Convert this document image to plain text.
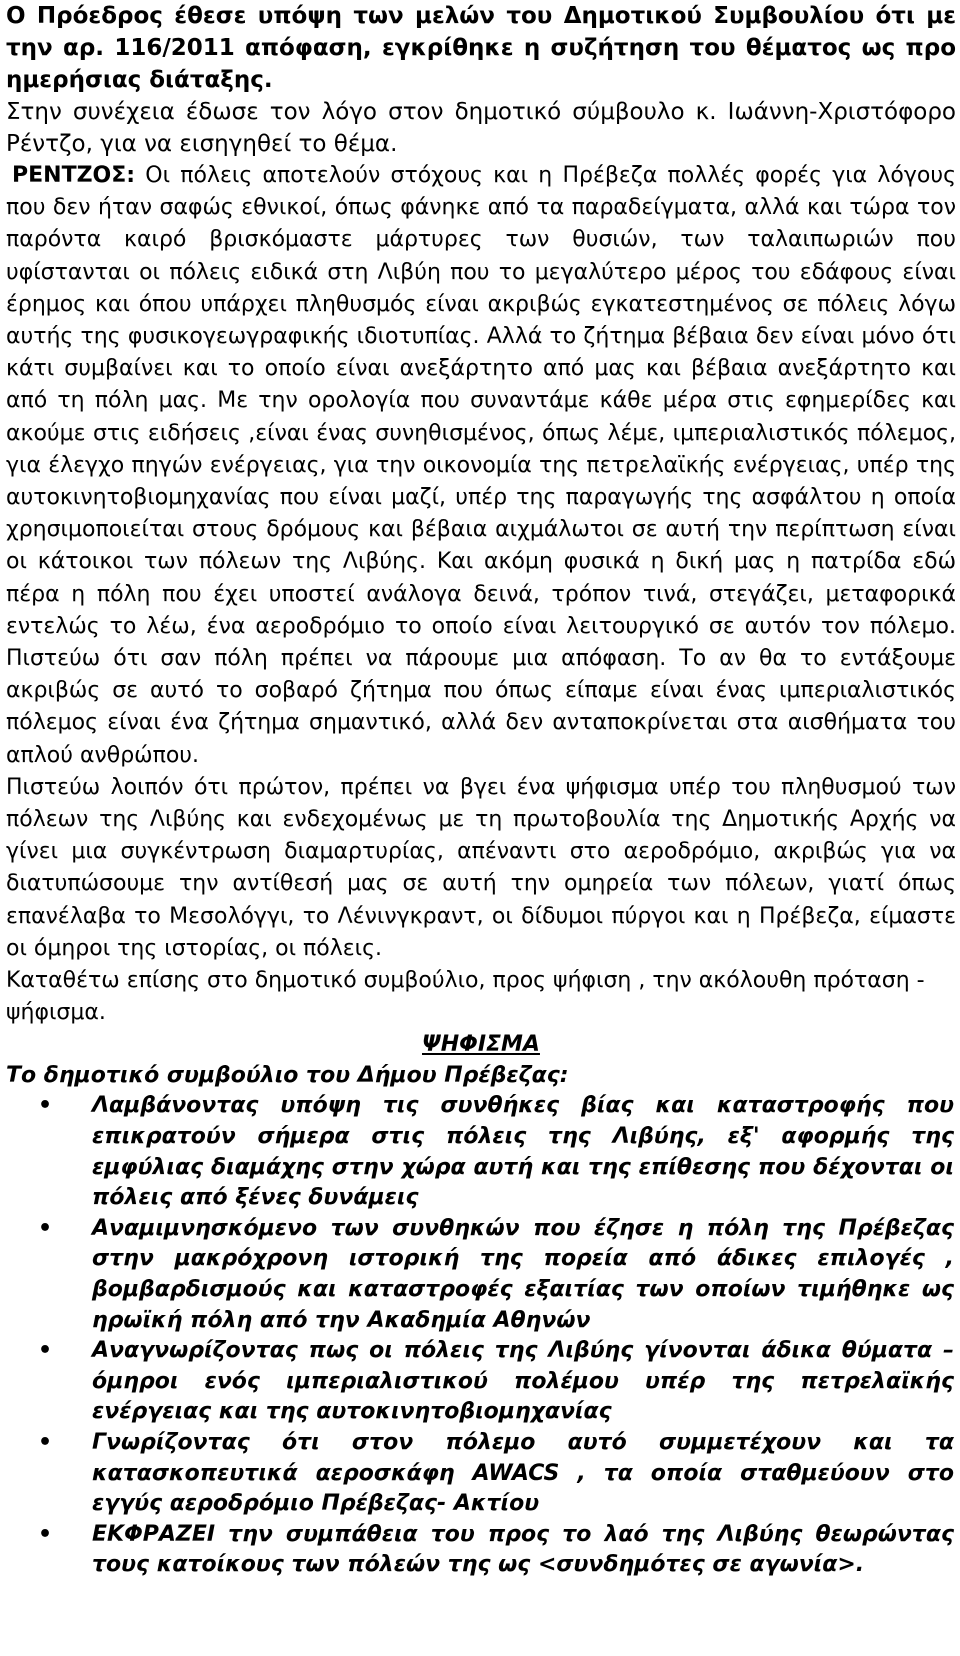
Ο Πρόεδρος έθεσε υπόψη των μελών του Δημοτικού Συμβουλίου ότι με την αρ. 116/2011 απόφαση, εγκρίθηκε η συζήτηση του θέματος ως προ ημερήσιας διάταξης.
Στην συνέχεια έδωσε τον λόγο στον δημοτικό σύμβουλο κ. Ιωάννη-Χριστόφορο Ρέντζο, για να εισηγηθεί το θέμα.

ΡΕΝΤΖΟΣ: Οι πόλεις αποτελούν στόχους και η Πρέβεζα πολλές φορές για λόγους που δεν ήταν σαφώς εθνικοί, όπως φάνηκε από τα παραδείγματα, αλλά και τώρα τον παρόντα καιρό βρισκόμαστε μάρτυρες των θυσιών, των ταλαιπωριών που υφίστανται οι πόλεις ειδικά στη Λιβύη που το μεγαλύτερο μέρος του εδάφους είναι έρημος και όπου υπάρχει πληθυσμός είναι ακριβώς εγκατεστημένος σε πόλεις λόγω αυτής της φυσικογεωγραφικής ιδιοτυπίας. Αλλά το ζήτημα βέβαια δεν είναι μόνο ότι κάτι συμβαίνει και το οποίο είναι ανεξάρτητο από μας και βέβαια ανεξάρτητο και από τη πόλη μας. Με την ορολογία που συναντάμε κάθε μέρα στις εφημερίδες και ακούμε στις ειδήσεις ,είναι ένας συνηθισμένος, όπως λέμε, ιμπεριαλιστικός πόλεμος, για έλεγχο πηγών ενέργειας, για την οικονομία της πετρελαϊκής ενέργειας, υπέρ της αυτοκινητοβιομηχανίας που είναι μαζί, υπέρ της παραγωγής της ασφάλτου η οποία χρησιμοποιείται στους δρόμους και βέβαια αιχμάλωτοι σε αυτή την περίπτωση είναι οι κάτοικοι των πόλεων της Λιβύης. Και ακόμη φυσικά η δική μας η πατρίδα εδώ πέρα η πόλη που έχει υποστεί ανάλογα δεινά, τρόπον τινά, στεγάζει, μεταφορικά εντελώς το λέω, ένα αεροδρόμιο το οποίο είναι λειτουργικό σε αυτόν τον πόλεμο. Πιστεύω ότι σαν πόλη πρέπει να πάρουμε μια απόφαση. Το αν θα το εντάξουμε ακριβώς σε αυτό το σοβαρό ζήτημα που όπως είπαμε είναι ένας ιμπεριαλιστικός πόλεμος είναι ένα ζήτημα σημαντικό, αλλά δεν ανταποκρίνεται στα αισθήματα του απλού ανθρώπου.

Πιστεύω λοιπόν ότι πρώτον, πρέπει να βγει ένα ψήφισμα υπέρ του πληθυσμού των πόλεων της Λιβύης και ενδεχομένως με τη πρωτοβουλία της Δημοτικής Αρχής να γίνει μια συγκέντρωση διαμαρτυρίας, απέναντι στο αεροδρόμιο, ακριβώς για να διατυπώσουμε την αντίθεσή μας σε αυτή την ομηρεία των πόλεων, γιατί όπως επανέλαβα το Μεσολόγγι, το Λένινγκραντ, οι δίδυμοι πύργοι και η Πρέβεζα, είμαστε οι όμηροι της ιστορίας, οι πόλεις.

Καταθέτω επίσης στο δημοτικό συμβούλιο, προς ψήφιση , την ακόλουθη πρόταση - ψήφισμα.

ΨΗΦΙΣΜΑ
Το δημοτικό συμβούλιο του Δήμου Πρέβεζας:
• Λαμβάνοντας υπόψη τις συνθήκες βίας και καταστροφής που επικρατούν σήμερα στις πόλεις της Λιβύης, εξ' αφορμής της εμφύλιας διαμάχης στην χώρα αυτή και της επίθεσης που δέχονται οι πόλεις από ξένες δυνάμεις
• Αναμιμνησκόμενο των συνθηκών που έζησε η πόλη της Πρέβεζας στην μακρόχρονη ιστορική της πορεία από άδικες επιλογές , βομβαρδισμούς και καταστροφές εξαιτίας των οποίων τιμήθηκε ως ηρωϊκή πόλη από την Ακαδημία Αθηνών
• Αναγνωρίζοντας πως οι πόλεις της Λιβύης γίνονται άδικα θύματα – όμηροι ενός ιμπεριαλιστικού πολέμου υπέρ της πετρελαϊκής ενέργειας και της αυτοκινητοβιομηχανίας
• Γνωρίζοντας ότι στον πόλεμο αυτό συμμετέχουν και τα κατασκοπευτικά αεροσκάφη AWACS , τα οποία σταθμεύουν στο εγγύς αεροδρόμιο Πρέβεζας- Ακτίου
• ΕΚΦΡΑΖΕΙ την συμπάθεια του προς τo λαό της Λιβύης θεωρώντας τους κατοίκους των πόλεών της ως <συνδημότες σε αγωνία>.
